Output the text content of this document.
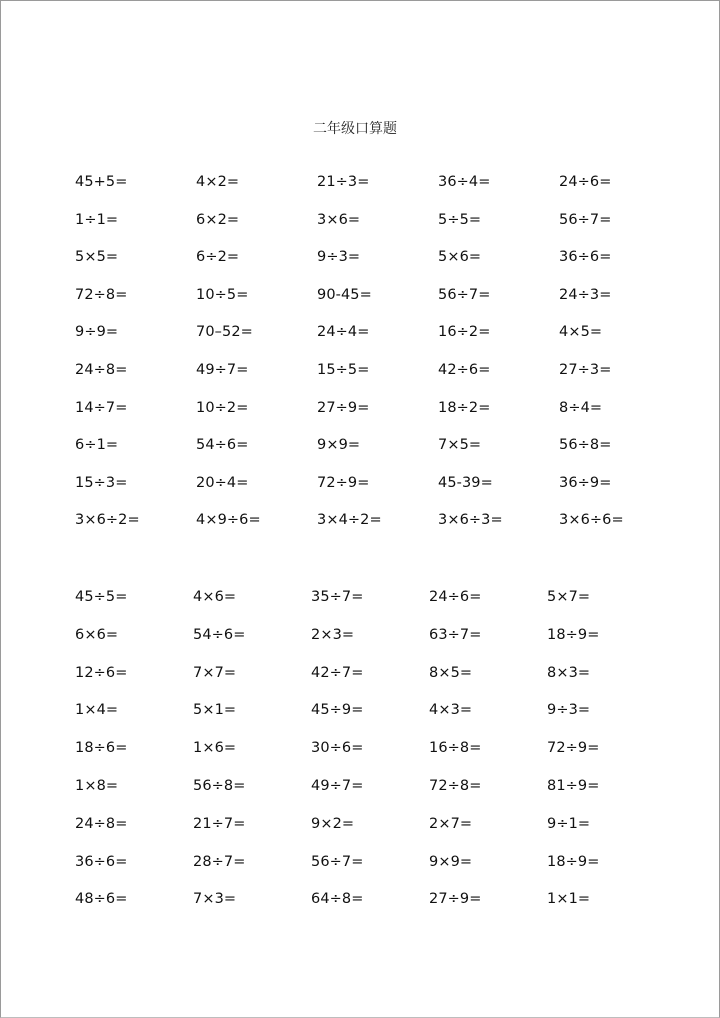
二年级口算题
45+5=	4×2=	21÷3=	36÷4=	24÷6=
1÷1=	6×2=	3×6=	5÷5=	56÷7=
5×5=	6÷2=	9÷3=	5×6=	36÷6=
72÷8=	10÷5=	90-45=	56÷7=	24÷3=
9÷9=	70–52=	24÷4=	16÷2=	4×5=
24÷8=	49÷7=	15÷5=	42÷6=	27÷3=
14÷7=	10÷2=	27÷9=	18÷2=	8÷4=
6÷1=	54÷6=	9×9=	7×5=	56÷8=
15÷3=	20÷4=	72÷9=	45-39=	36÷9=
3×6÷2=	4×9÷6=	3×4÷2=	3×6÷3=	3×6÷6=
45÷5=	4×6=	35÷7=	24÷6=	5×7=
6×6=	54÷6=	2×3=	63÷7=	18÷9=
12÷6=	7×7=	42÷7=	8×5=	8×3=
1×4=	5×1=	45÷9=	4×3=	9÷3=
18÷6=	1×6=	30÷6=	16÷8=	72÷9=
1×8=	56÷8=	49÷7=	72÷8=	81÷9=
24÷8=	21÷7=	9×2=	2×7=	9÷1=
36÷6=	28÷7=	56÷7=	9×9=	18÷9=
48÷6=	7×3=	64÷8=	27÷9=	1×1=
